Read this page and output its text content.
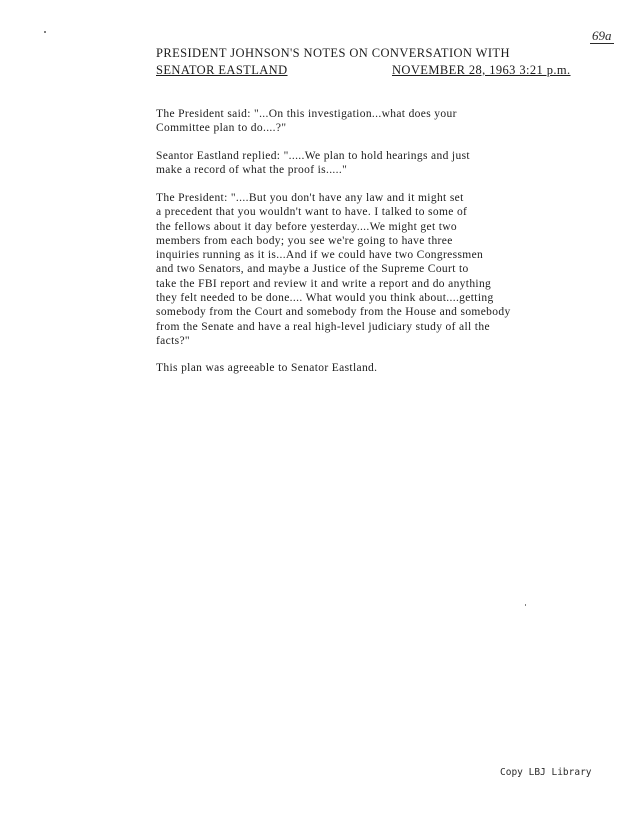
69a
PRESIDENT JOHNSON'S NOTES ON CONVERSATION WITH
SENATOR EASTLAND	NOVEMBER 28, 1963 3:21 p.m.

The President said: "...On this investigation...what does your
Committee plan to do....?"

Seantor Eastland replied: ".....We plan to hold hearings and just
make a record of what the proof is....."

The President: "....But you don't have any law and it might set
a precedent that you wouldn't want to have. I talked to some of
the fellows about it day before yesterday....We might get two
members from each body; you see we're going to have three
inquiries running as it is...And if we could have two Congressmen
and two Senators, and maybe a Justice of the Supreme Court to
take the FBI report and review it and write a report and do anything
they felt needed to be done.... What would you think about....getting
somebody from the Court and somebody from the House and somebody
from the Senate and have a real high-level judiciary study of all the
facts?"

This plan was agreeable to Senator Eastland.

Copy LBJ Library
